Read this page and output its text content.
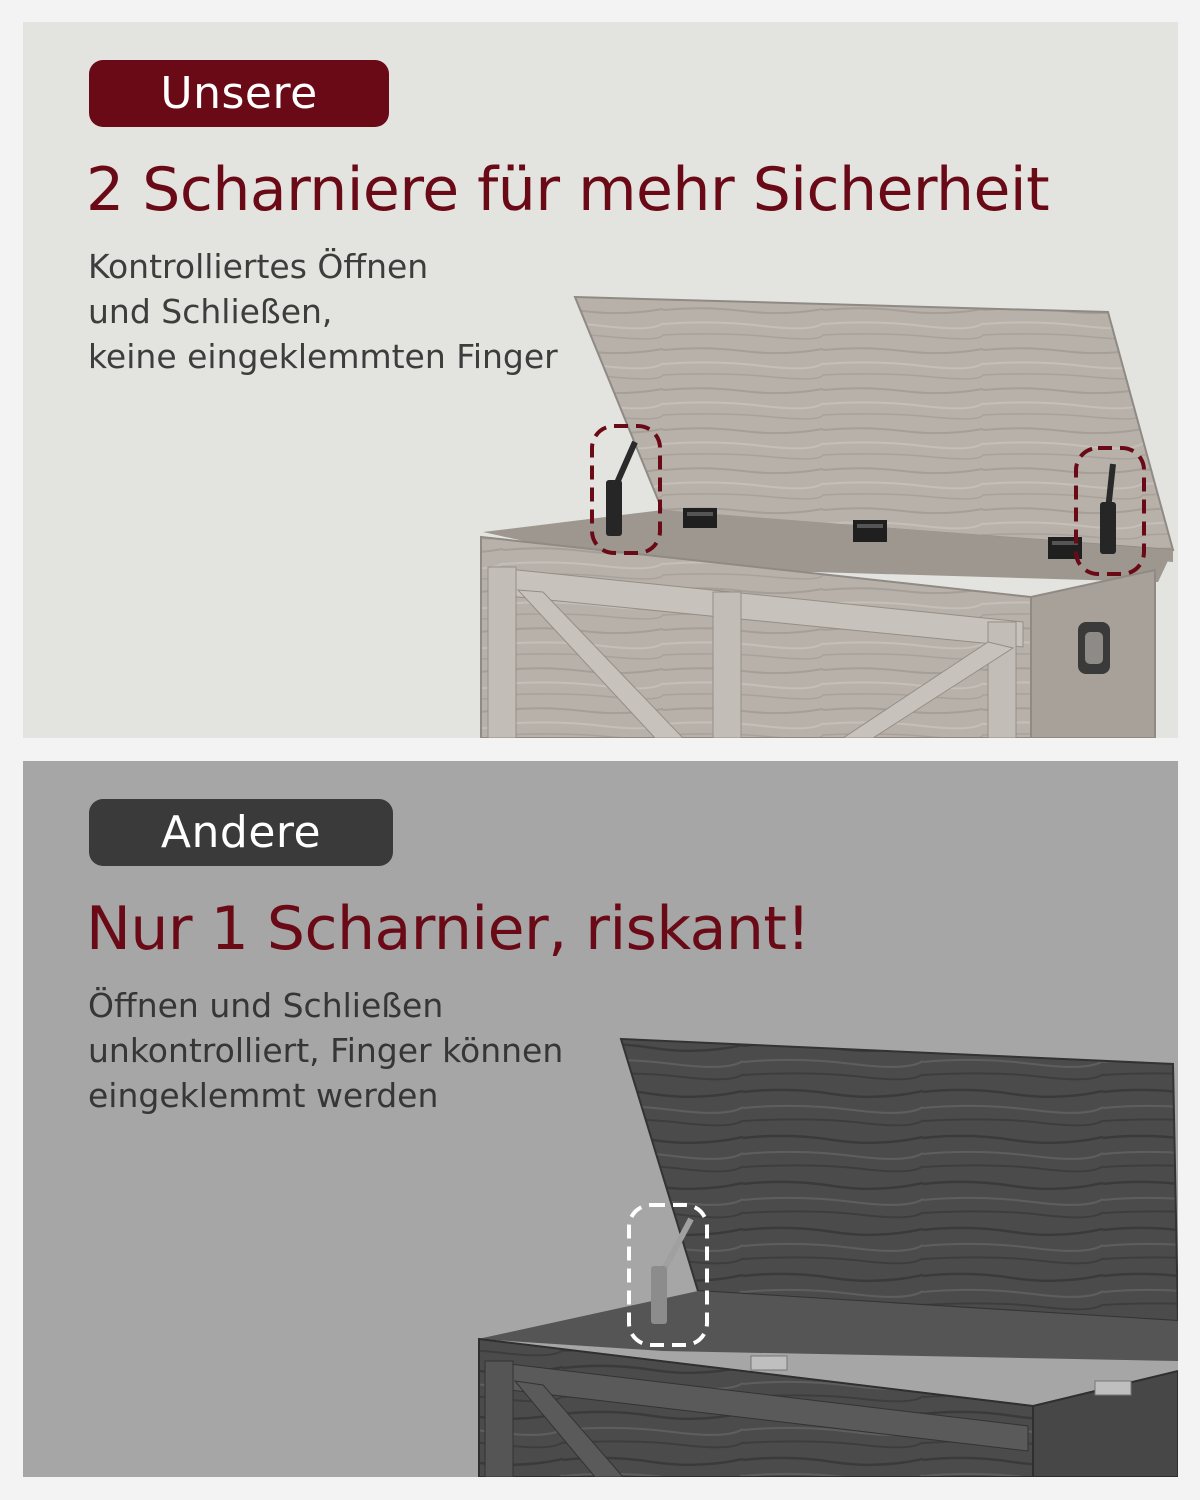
Unsere
2 Scharniere für mehr Sicherheit
Kontrolliertes Öffnen
und Schließen,
keine eingeklemmten Finger
Andere
Nur 1 Scharnier, riskant!
Öffnen und Schließen
unkontrolliert, Finger können
eingeklemmt werden
